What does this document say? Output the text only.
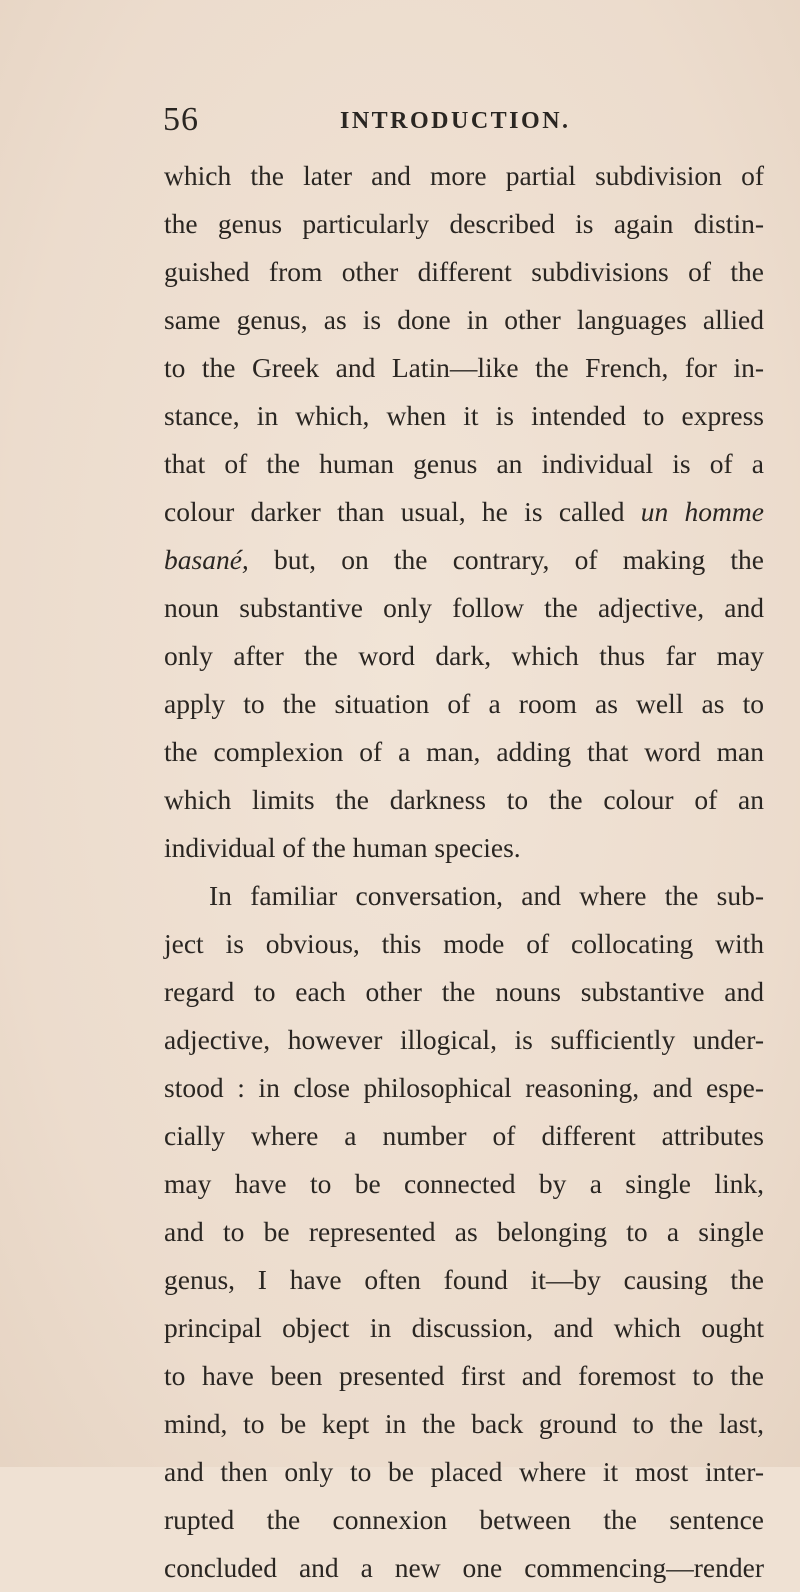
56	INTRODUCTION.
which the later and more partial subdivision of
the genus particularly described is again distin-
guished from other different subdivisions of the
same genus, as is done in other languages allied
to the Greek and Latin—like the French, for in-
stance, in which, when it is intended to express
that of the human genus an individual is of a
colour darker than usual, he is called un homme
basané, but, on the contrary, of making the
noun substantive only follow the adjective, and
only after the word dark, which thus far may
apply to the situation of a room as well as to
the complexion of a man, adding that word man
which limits the darkness to the colour of an
individual of the human species.
In familiar conversation, and where the sub-
ject is obvious, this mode of collocating with
regard to each other the nouns substantive and
adjective, however illogical, is sufficiently under-
stood : in close philosophical reasoning, and espe-
cially where a number of different attributes
may have to be connected by a single link,
and to be represented as belonging to a single
genus, I have often found it—by causing the
principal object in discussion, and which ought
to have been presented first and foremost to the
mind, to be kept in the back ground to the last,
and then only to be placed where it most inter-
rupted the connexion between the sentence
concluded and a new one commencing—render
